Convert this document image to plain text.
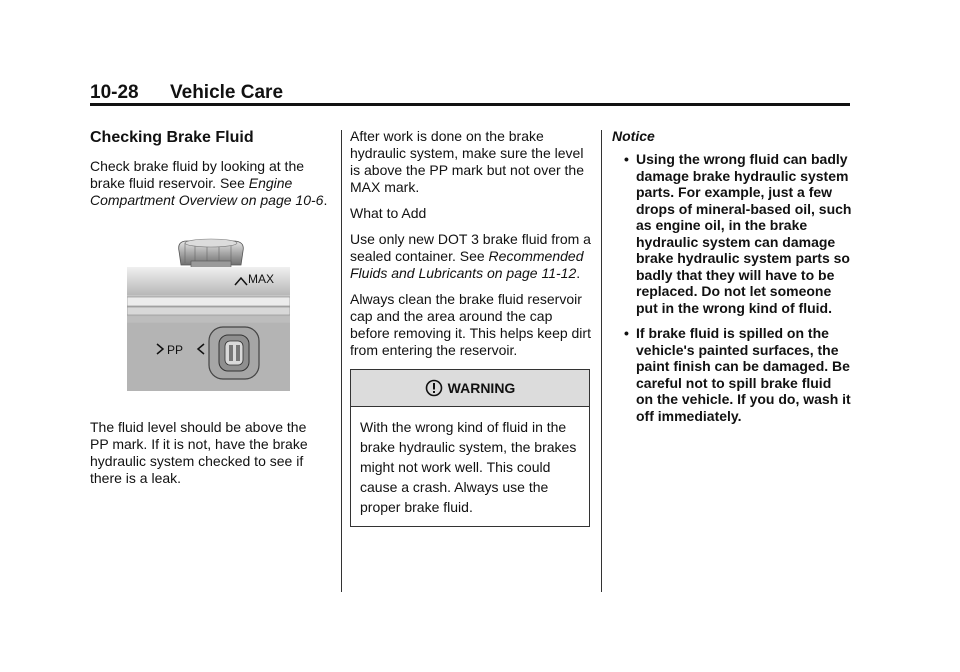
10-28 Vehicle Care
Checking Brake Fluid

Check brake fluid by looking at the brake fluid reservoir. See Engine Compartment Overview on page 10-6.

MAX
PP

The fluid level should be above the PP mark. If it is not, have the brake hydraulic system checked to see if there is a leak.

After work is done on the brake hydraulic system, make sure the level is above the PP mark but not over the MAX mark.

What to Add

Use only new DOT 3 brake fluid from a sealed container. See Recommended Fluids and Lubricants on page 11-12.

Always clean the brake fluid reservoir cap and the area around the cap before removing it. This helps keep dirt from entering the reservoir.

WARNING
With the wrong kind of fluid in the brake hydraulic system, the brakes might not work well. This could cause a crash. Always use the proper brake fluid.
Notice
• Using the wrong fluid can badly damage brake hydraulic system parts. For example, just a few drops of mineral-based oil, such as engine oil, in the brake hydraulic system can damage brake hydraulic system parts so badly that they will have to be replaced. Do not let someone put in the wrong kind of fluid.
• If brake fluid is spilled on the vehicle's painted surfaces, the paint finish can be damaged. Be careful not to spill brake fluid on the vehicle. If you do, wash it off immediately.
